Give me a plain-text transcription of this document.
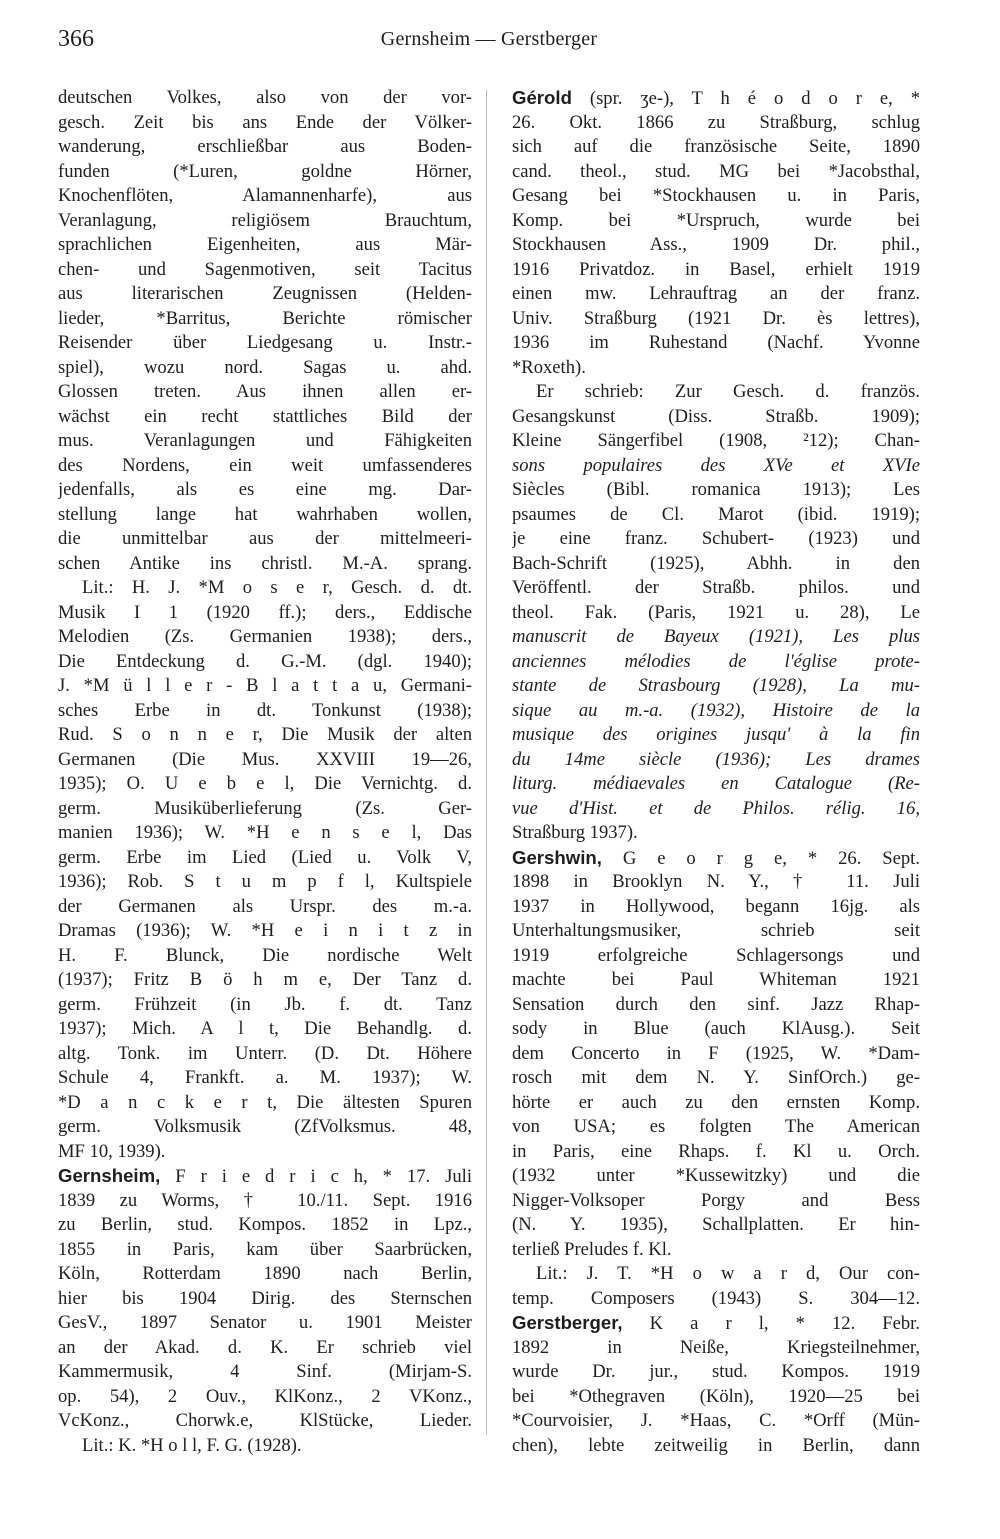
366	Gernsheim — Gerstberger
deutschen Volkes, also von der vor-
gesch. Zeit bis ans Ende der Völker-
wanderung, erschließbar aus Boden-
funden (*Luren, goldne Hörner,
Knochenflöten, Alamannenharfe), aus
Veranlagung, religiösem Brauchtum,
sprachlichen Eigenheiten, aus Mär-
chen- und Sagenmotiven, seit Tacitus
aus literarischen Zeugnissen (Helden-
lieder, *Barritus, Berichte römischer
Reisender über Liedgesang u. Instr.-
spiel), wozu nord. Sagas u. ahd.
Glossen treten. Aus ihnen allen er-
wächst ein recht stattliches Bild der
mus. Veranlagungen und Fähigkeiten
des Nordens, ein weit umfassenderes
jedenfalls, als es eine mg. Dar-
stellung lange hat wahrhaben wollen,
die unmittelbar aus der mittelmeeri-
schen Antike ins christl. M.-A. sprang.
Lit.: H. J. *M o s e r, Gesch. d. dt.
Musik I 1 (1920 ff.); ders., Eddische
Melodien (Zs. Germanien 1938); ders.,
Die Entdeckung d. G.-M. (dgl. 1940);
J. *M ü l l e r - B l a t t a u, Germani-
sches Erbe in dt. Tonkunst (1938);
Rud. S o n n e r, Die Musik der alten
Germanen (Die Mus. XXVIII 19—26,
1935); O. U e b e l, Die Vernichtg. d.
germ. Musiküberlieferung (Zs. Ger-
manien 1936); W. *H e n s e l, Das
germ. Erbe im Lied (Lied u. Volk V,
1936); Rob. S t u m p f l, Kultspiele
der Germanen als Urspr. des m.-a.
Dramas (1936); W. *H e i n i t z in
H. F. Blunck, Die nordische Welt
(1937); Fritz B ö h m e, Der Tanz d.
germ. Frühzeit (in Jb. f. dt. Tanz
1937); Mich. A l t, Die Behandlg. d.
altg. Tonk. im Unterr. (D. Dt. Höhere
Schule 4, Frankft. a. M. 1937); W.
*D a n c k e r t, Die ältesten Spuren
germ. Volksmusik (ZfVolksmus. 48,
MF 10, 1939).
Gernsheim, F r i e d r i c h, * 17. Juli
1839 zu Worms, † 10./11. Sept. 1916
zu Berlin, stud. Kompos. 1852 in Lpz.,
1855 in Paris, kam über Saarbrücken,
Köln, Rotterdam 1890 nach Berlin,
hier bis 1904 Dirig. des Sternschen
GesV., 1897 Senator u. 1901 Meister
an der Akad. d. K. Er schrieb viel
Kammermusik, 4 Sinf. (Mirjam-S.
op. 54), 2 Ouv., KlKonz., 2 VKonz.,
VcKonz., Chorwk.e, KlStücke, Lieder.
Lit.: K. *H o l l, F. G. (1928).
Gérold (spr. ʒe-), T h é o d o r e, *
26. Okt. 1866 zu Straßburg, schlug
sich auf die französische Seite, 1890
cand. theol., stud. MG bei *Jacobsthal,
Gesang bei *Stockhausen u. in Paris,
Komp. bei *Urspruch, wurde bei
Stockhausen Ass., 1909 Dr. phil.,
1916 Privatdoz. in Basel, erhielt 1919
einen mw. Lehrauftrag an der franz.
Univ. Straßburg (1921 Dr. ès lettres),
1936 im Ruhestand (Nachf. Yvonne
*Roxeth).
Er schrieb: Zur Gesch. d. französ.
Gesangskunst (Diss. Straßb. 1909);
Kleine Sängerfibel (1908, ²12); Chan-
sons populaires des XVe et XVIe
Siècles (Bibl. romanica 1913); Les
psaumes de Cl. Marot (ibid. 1919);
je eine franz. Schubert- (1923) und
Bach-Schrift (1925), Abhh. in den
Veröffentl. der Straßb. philos. und
theol. Fak. (Paris, 1921 u. 28), Le
manuscrit de Bayeux (1921), Les plus
anciennes mélodies de l'église prote-
stante de Strasbourg (1928), La mu-
sique au m.-a. (1932), Histoire de la
musique des origines jusqu' à la fin
du 14me siècle (1936); Les drames
liturg. médiaevales en Catalogue (Re-
vue d'Hist. et de Philos. rélig. 16,
Straßburg 1937).
Gershwin, G e o r g e, * 26. Sept.
1898 in Brooklyn N. Y., † 11. Juli
1937 in Hollywood, begann 16jg. als
Unterhaltungsmusiker, schrieb seit
1919 erfolgreiche Schlagersongs und
machte bei Paul Whiteman 1921
Sensation durch den sinf. Jazz Rhap-
sody in Blue (auch KlAusg.). Seit
dem Concerto in F (1925, W. *Dam-
rosch mit dem N. Y. SinfOrch.) ge-
hörte er auch zu den ernsten Komp.
von USA; es folgten The American
in Paris, eine Rhaps. f. Kl u. Orch.
(1932 unter *Kussewitzky) und die
Nigger-Volksoper Porgy and Bess
(N. Y. 1935), Schallplatten. Er hin-
terließ Preludes f. Kl.
Lit.: J. T. *H o w a r d, Our con-
temp. Composers (1943) S. 304—12.
Gerstberger, K a r l, * 12. Febr.
1892 in Neiße, Kriegsteilnehmer,
wurde Dr. jur., stud. Kompos. 1919
bei *Othegraven (Köln), 1920—25 bei
*Courvoisier, J. *Haas, C. *Orff (Mün-
chen), lebte zeitweilig in Berlin, dann
